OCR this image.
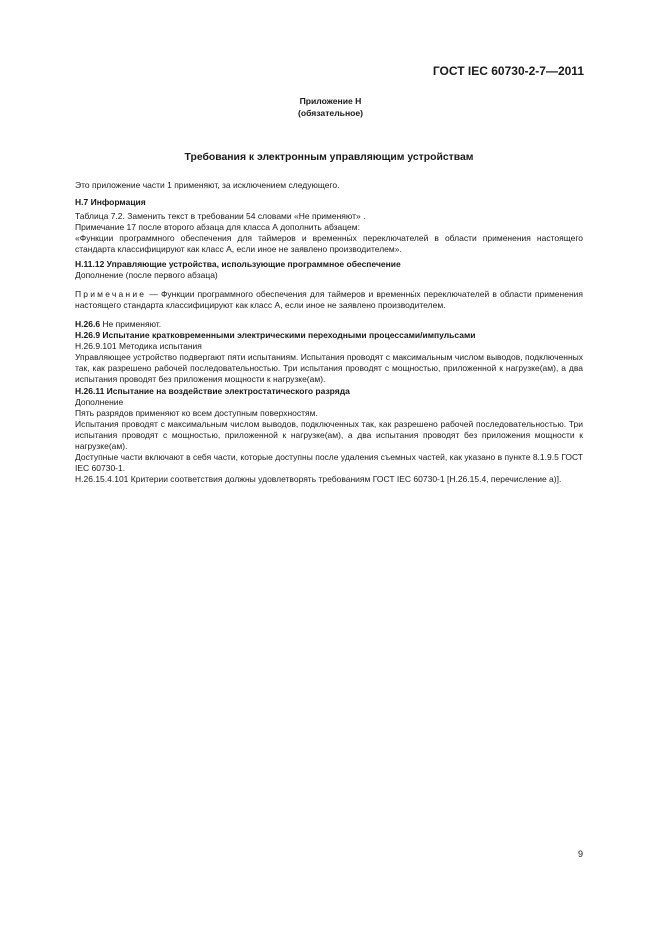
ГОСТ IEC 60730-2-7—2011
Приложение Н
(обязательное)
Требования к электронным управляющим устройствам

Это приложение части 1 применяют, за исключением следующего.

Н.7 Информация

Таблица 7.2. Заменить текст в требовании 54 словами «Не применяют» .

Примечание 17 после второго абзаца для класса А дополнить абзацем:

«Функции программного обеспечения для таймеров и временны́х переключателей в области применения настоящего стандарта классифицируют как класс А, если иное не заявлено производителем».

Н.11.12 Управляющие устройства, использующие программное обеспечение

Дополнение (после первого абзаца)

Примечание — Функции программного обеспечения для таймеров и временны́х переключателей в области применения настоящего стандарта классифицируют как класс А, если иное не заявлено производителем.

Н.26.6 Не применяют.

Н.26.9 Испытание кратковременными электрическими переходными процессами/импульсами

Н.26.9.101 Методика испытания

Управляющее устройство подвергают пяти испытаниям. Испытания проводят с максимальным числом выводов, подключенных так, как разрешено рабочей последовательностью. Три испытания проводят с мощностью, приложенной к нагрузке(ам), а два испытания проводят без приложения мощности к нагрузке(ам).

Н.26.11 Испытание на воздействие электростатического разряда

Дополнение

Пять разрядов применяют ко всем доступным поверхностям.

Испытания проводят с максимальным числом выводов, подключенных так, как разрешено рабочей последовательностью. Три испытания проводят с мощностью, приложенной к нагрузке(ам), а два испытания проводят без приложения мощности к нагрузке(ам).

Доступные части включают в себя части, которые доступны после удаления съемных частей, как указано в пункте 8.1.9.5 ГОСТ IEC 60730-1.

Н.26.15.4.101 Критерии соответствия должны удовлетворять требованиям ГОСТ IEC 60730-1 [Н.26.15.4, перечисление а)].

9
